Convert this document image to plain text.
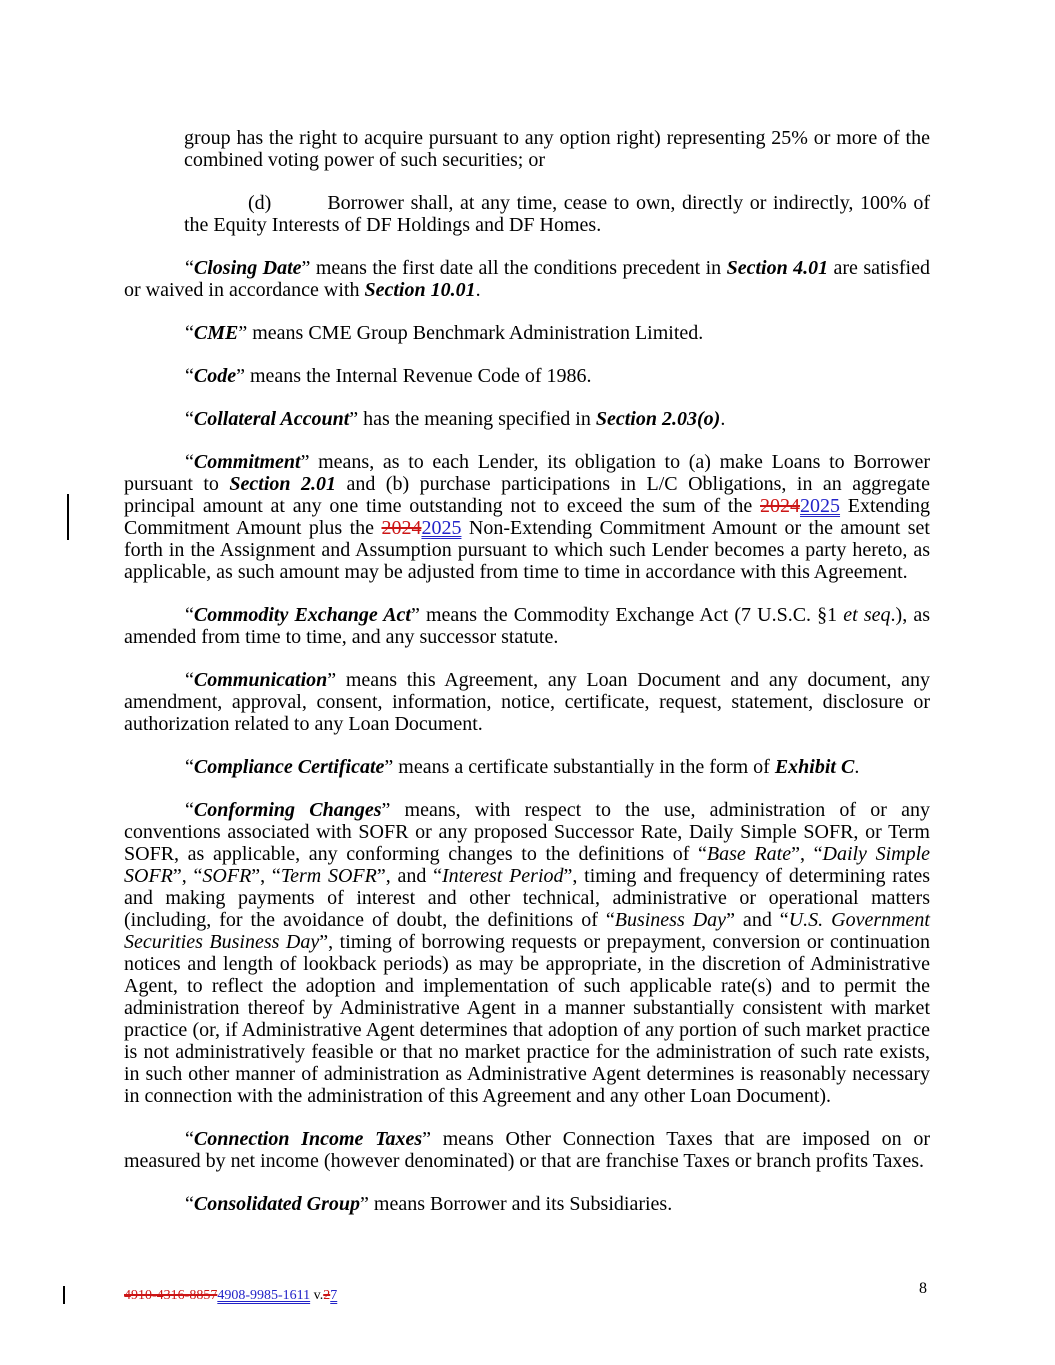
group has the right to acquire pursuant to any option right) representing 25% or more of the combined voting power of such securities; or

(d)	Borrower shall, at any time, cease to own, directly or indirectly, 100% of the Equity Interests of DF Holdings and DF Homes.

“Closing Date” means the first date all the conditions precedent in Section 4.01 are satisfied or waived in accordance with Section 10.01.

“CME” means CME Group Benchmark Administration Limited.

“Code” means the Internal Revenue Code of 1986.

“Collateral Account” has the meaning specified in Section 2.03(o).

“Commitment” means, as to each Lender, its obligation to (a) make Loans to Borrower pursuant to Section 2.01 and (b) purchase participations in L/C Obligations, in an aggregate principal amount at any one time outstanding not to exceed the sum of the 20242025 Extending Commitment Amount plus the 20242025 Non-Extending Commitment Amount or the amount set forth in the Assignment and Assumption pursuant to which such Lender becomes a party hereto, as applicable, as such amount may be adjusted from time to time in accordance with this Agreement.

“Commodity Exchange Act” means the Commodity Exchange Act (7 U.S.C. §1 et seq.), as amended from time to time, and any successor statute.

“Communication” means this Agreement, any Loan Document and any document, any amendment, approval, consent, information, notice, certificate, request, statement, disclosure or authorization related to any Loan Document.

“Compliance Certificate” means a certificate substantially in the form of Exhibit C.

“Conforming Changes” means, with respect to the use, administration of or any conventions associated with SOFR or any proposed Successor Rate, Daily Simple SOFR, or Term SOFR, as applicable, any conforming changes to the definitions of “Base Rate”, “Daily Simple SOFR”, “SOFR”, “Term SOFR”, and “Interest Period”, timing and frequency of determining rates and making payments of interest and other technical, administrative or operational matters (including, for the avoidance of doubt, the definitions of “Business Day” and “U.S. Government Securities Business Day”, timing of borrowing requests or prepayment, conversion or continuation notices and length of lookback periods) as may be appropriate, in the discretion of Administrative Agent, to reflect the adoption and implementation of such applicable rate(s) and to permit the administration thereof by Administrative Agent in a manner substantially consistent with market practice (or, if Administrative Agent determines that adoption of any portion of such market practice is not administratively feasible or that no market practice for the administration of such rate exists, in such other manner of administration as Administrative Agent determines is reasonably necessary in connection with the administration of this Agreement and any other Loan Document).

“Connection Income Taxes” means Other Connection Taxes that are imposed on or measured by net income (however denominated) or that are franchise Taxes or branch profits Taxes.

“Consolidated Group” means Borrower and its Subsidiaries.

4910-4316-88574908-9985-1611 v.27	8
